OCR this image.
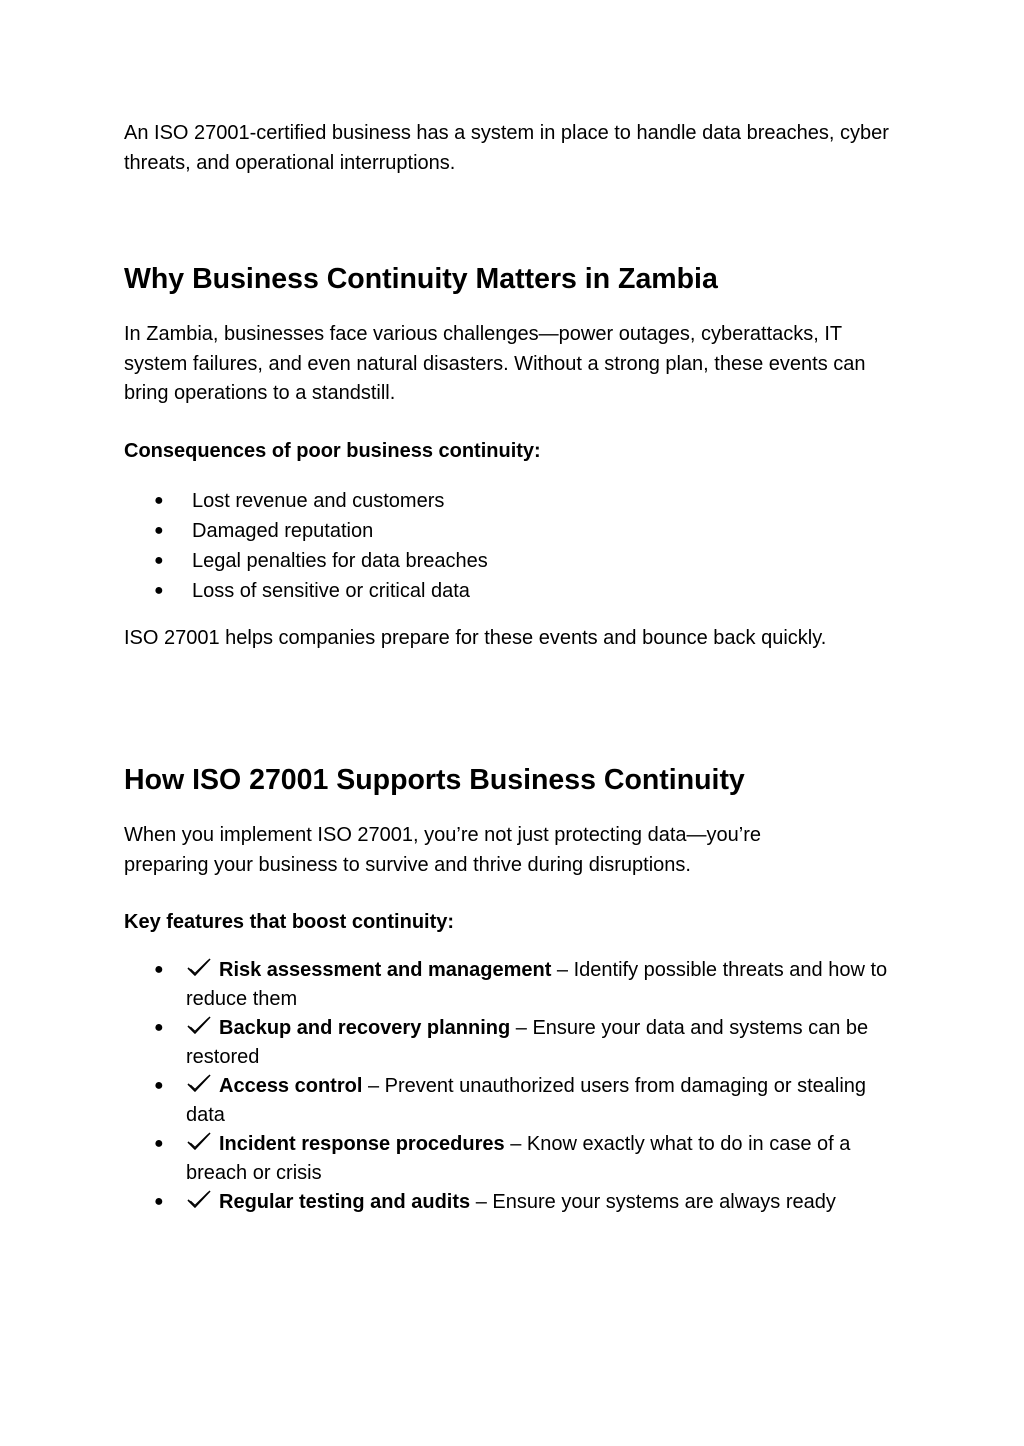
An ISO 27001-certified business has a system in place to handle data breaches, cyber threats, and operational interruptions.

Why Business Continuity Matters in Zambia

In Zambia, businesses face various challenges—power outages, cyberattacks, IT system failures, and even natural disasters. Without a strong plan, these events can bring operations to a standstill.

Consequences of poor business continuity:

● Lost revenue and customers
● Damaged reputation
● Legal penalties for data breaches
● Loss of sensitive or critical data

ISO 27001 helps companies prepare for these events and bounce back quickly.

How ISO 27001 Supports Business Continuity

When you implement ISO 27001, you’re not just protecting data—you’re preparing your business to survive and thrive during disruptions.

Key features that boost continuity:

●	Risk assessment and management – Identify possible threats and how to reduce them
●	Backup and recovery planning – Ensure your data and systems can be restored
●	Access control – Prevent unauthorized users from damaging or stealing data
●	Incident response procedures – Know exactly what to do in case of a breach or crisis
●	Regular testing and audits – Ensure your systems are always ready
